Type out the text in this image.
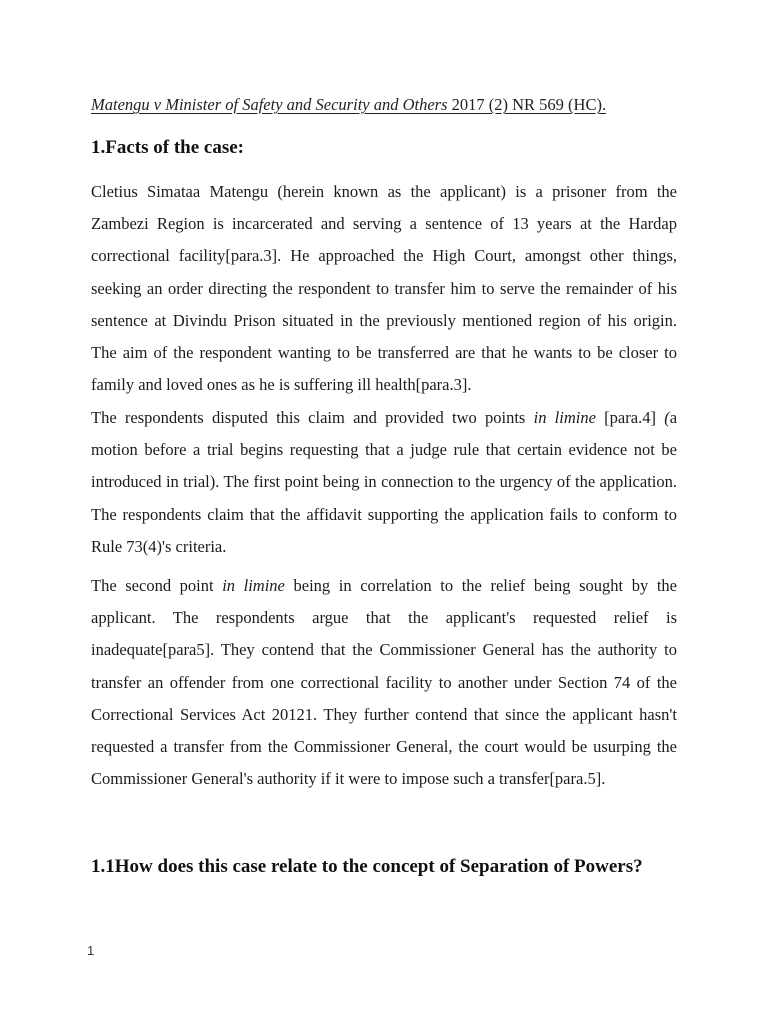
Matengu v Minister of Safety and Security and Others 2017 (2) NR 569 (HC).
1.Facts of the case:
Cletius Simataa Matengu (herein known as the applicant) is a prisoner from the Zambezi Region is incarcerated and serving a sentence of 13 years at the Hardap correctional facility[para.3]. He approached the High Court, amongst other things, seeking an order directing the respondent to transfer him to serve the remainder of his sentence at Divindu Prison situated in the previously mentioned region of his origin. The aim of the respondent wanting to be transferred are that he wants to be closer to family and loved ones as he is suffering ill health[para.3].
The respondents disputed this claim and provided two points in limine [para.4] (a motion before a trial begins requesting that a judge rule that certain evidence not be introduced in trial). The first point being in connection to the urgency of the application. The respondents claim that the affidavit supporting the application fails to conform to Rule 73(4)'s criteria.
The second point in limine being in correlation to the relief being sought by the applicant. The respondents argue that the applicant's requested relief is inadequate[para5]. They contend that the Commissioner General has the authority to transfer an offender from one correctional facility to another under Section 74 of the Correctional Services Act 20121. They further contend that since the applicant hasn't requested a transfer from the Commissioner General, the court would be usurping the Commissioner General's authority if it were to impose such a transfer[para.5].
1.1How does this case relate to the concept of Separation of Powers?
1
